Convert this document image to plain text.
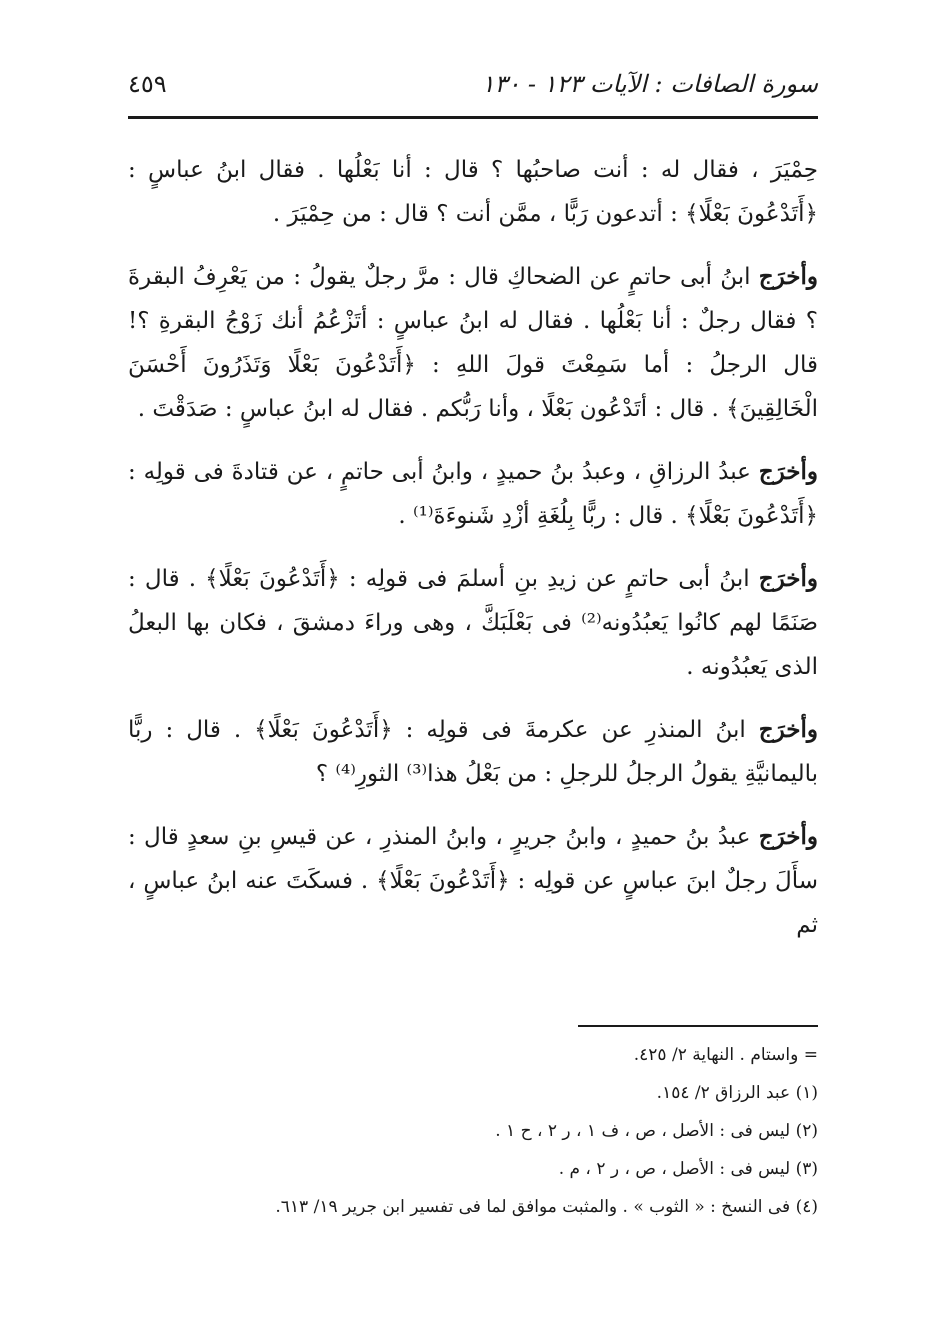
سورة الصافات : الآيات ١٢٣ - ١٣٠
٤٥٩

حِمْيَرَ ، فقال له : أنت صاحبُها ؟ قال : أنا بَعْلُها . فقال ابنُ عباسٍ : ﴿أَتَدْعُونَ بَعْلًا﴾ : أتدعون رَبًّا ، ممَّن أنت ؟ قال : من حِمْيَرَ .

وأخرَج ابنُ أبى حاتمٍ عن الضحاكِ قال : مرَّ رجلٌ يقولُ : من يَعْرِفُ البقرةَ ؟ فقال رجلٌ : أنا بَعْلُها . فقال له ابنُ عباسٍ : أتَزْعُمُ أنك زَوْجُ البقرةِ ؟! قال الرجلُ : أما سَمِعْتَ قولَ اللهِ : ﴿أَتَدْعُونَ بَعْلًا وَتَذَرُونَ أَحْسَنَ الْخَالِقِينَ﴾ . قال : أتَدْعُون بَعْلًا ، وأنا رَبُّكم . فقال له ابنُ عباسٍ : صَدَقْتَ .

وأخرَج عبدُ الرزاقِ ، وعبدُ بنُ حميدٍ ، وابنُ أبى حاتمٍ ، عن قتادةَ فى قولِه : ﴿أَتَدْعُونَ بَعْلًا﴾ . قال : ربًّا بِلُغَةِ أزْدِ شَنوءَةَ⁽¹⁾ .

وأخرَج ابنُ أبى حاتمٍ عن زيدِ بنِ أسلمَ فى قولِه : ﴿أَتَدْعُونَ بَعْلًا﴾ . قال : صَنَمًا لهم كانُوا يَعبُدُونه⁽²⁾ فى بَعْلَبَكَّ ، وهى وراءَ دمشقَ ، فكان بها البعلُ الذى يَعبُدُونه .

وأخرَج ابنُ المنذرِ عن عكرمةَ فى قولِه : ﴿أَتَدْعُونَ بَعْلًا﴾ . قال : ربًّا باليمانيَّةِ يقولُ الرجلُ للرجلِ : من بَعْلُ هذا⁽³⁾ الثورِ⁽⁴⁾ ؟

وأخرَج عبدُ بنُ حميدٍ ، وابنُ جريرٍ ، وابنُ المنذرِ ، عن قيسِ بنِ سعدٍ قال : سأَلَ رجلٌ ابنَ عباسٍ عن قولِه : ﴿أَتَدْعُونَ بَعْلًا﴾ . فسكَتَ عنه ابنُ عباسٍ ، ثم

= واستام . النهاية ٢/ ٤٢٥.
(١) عبد الرزاق ٢/ ١٥٤.
(٢) ليس فى : الأصل ، ص ، ف ١ ، ر ٢ ، ح ١ .
(٣) ليس فى : الأصل ، ص ، ر ٢ ، م .
(٤) فى النسخ : « الثوب » . والمثبت موافق لما فى تفسير ابن جرير ١٩/ ٦١٣.
